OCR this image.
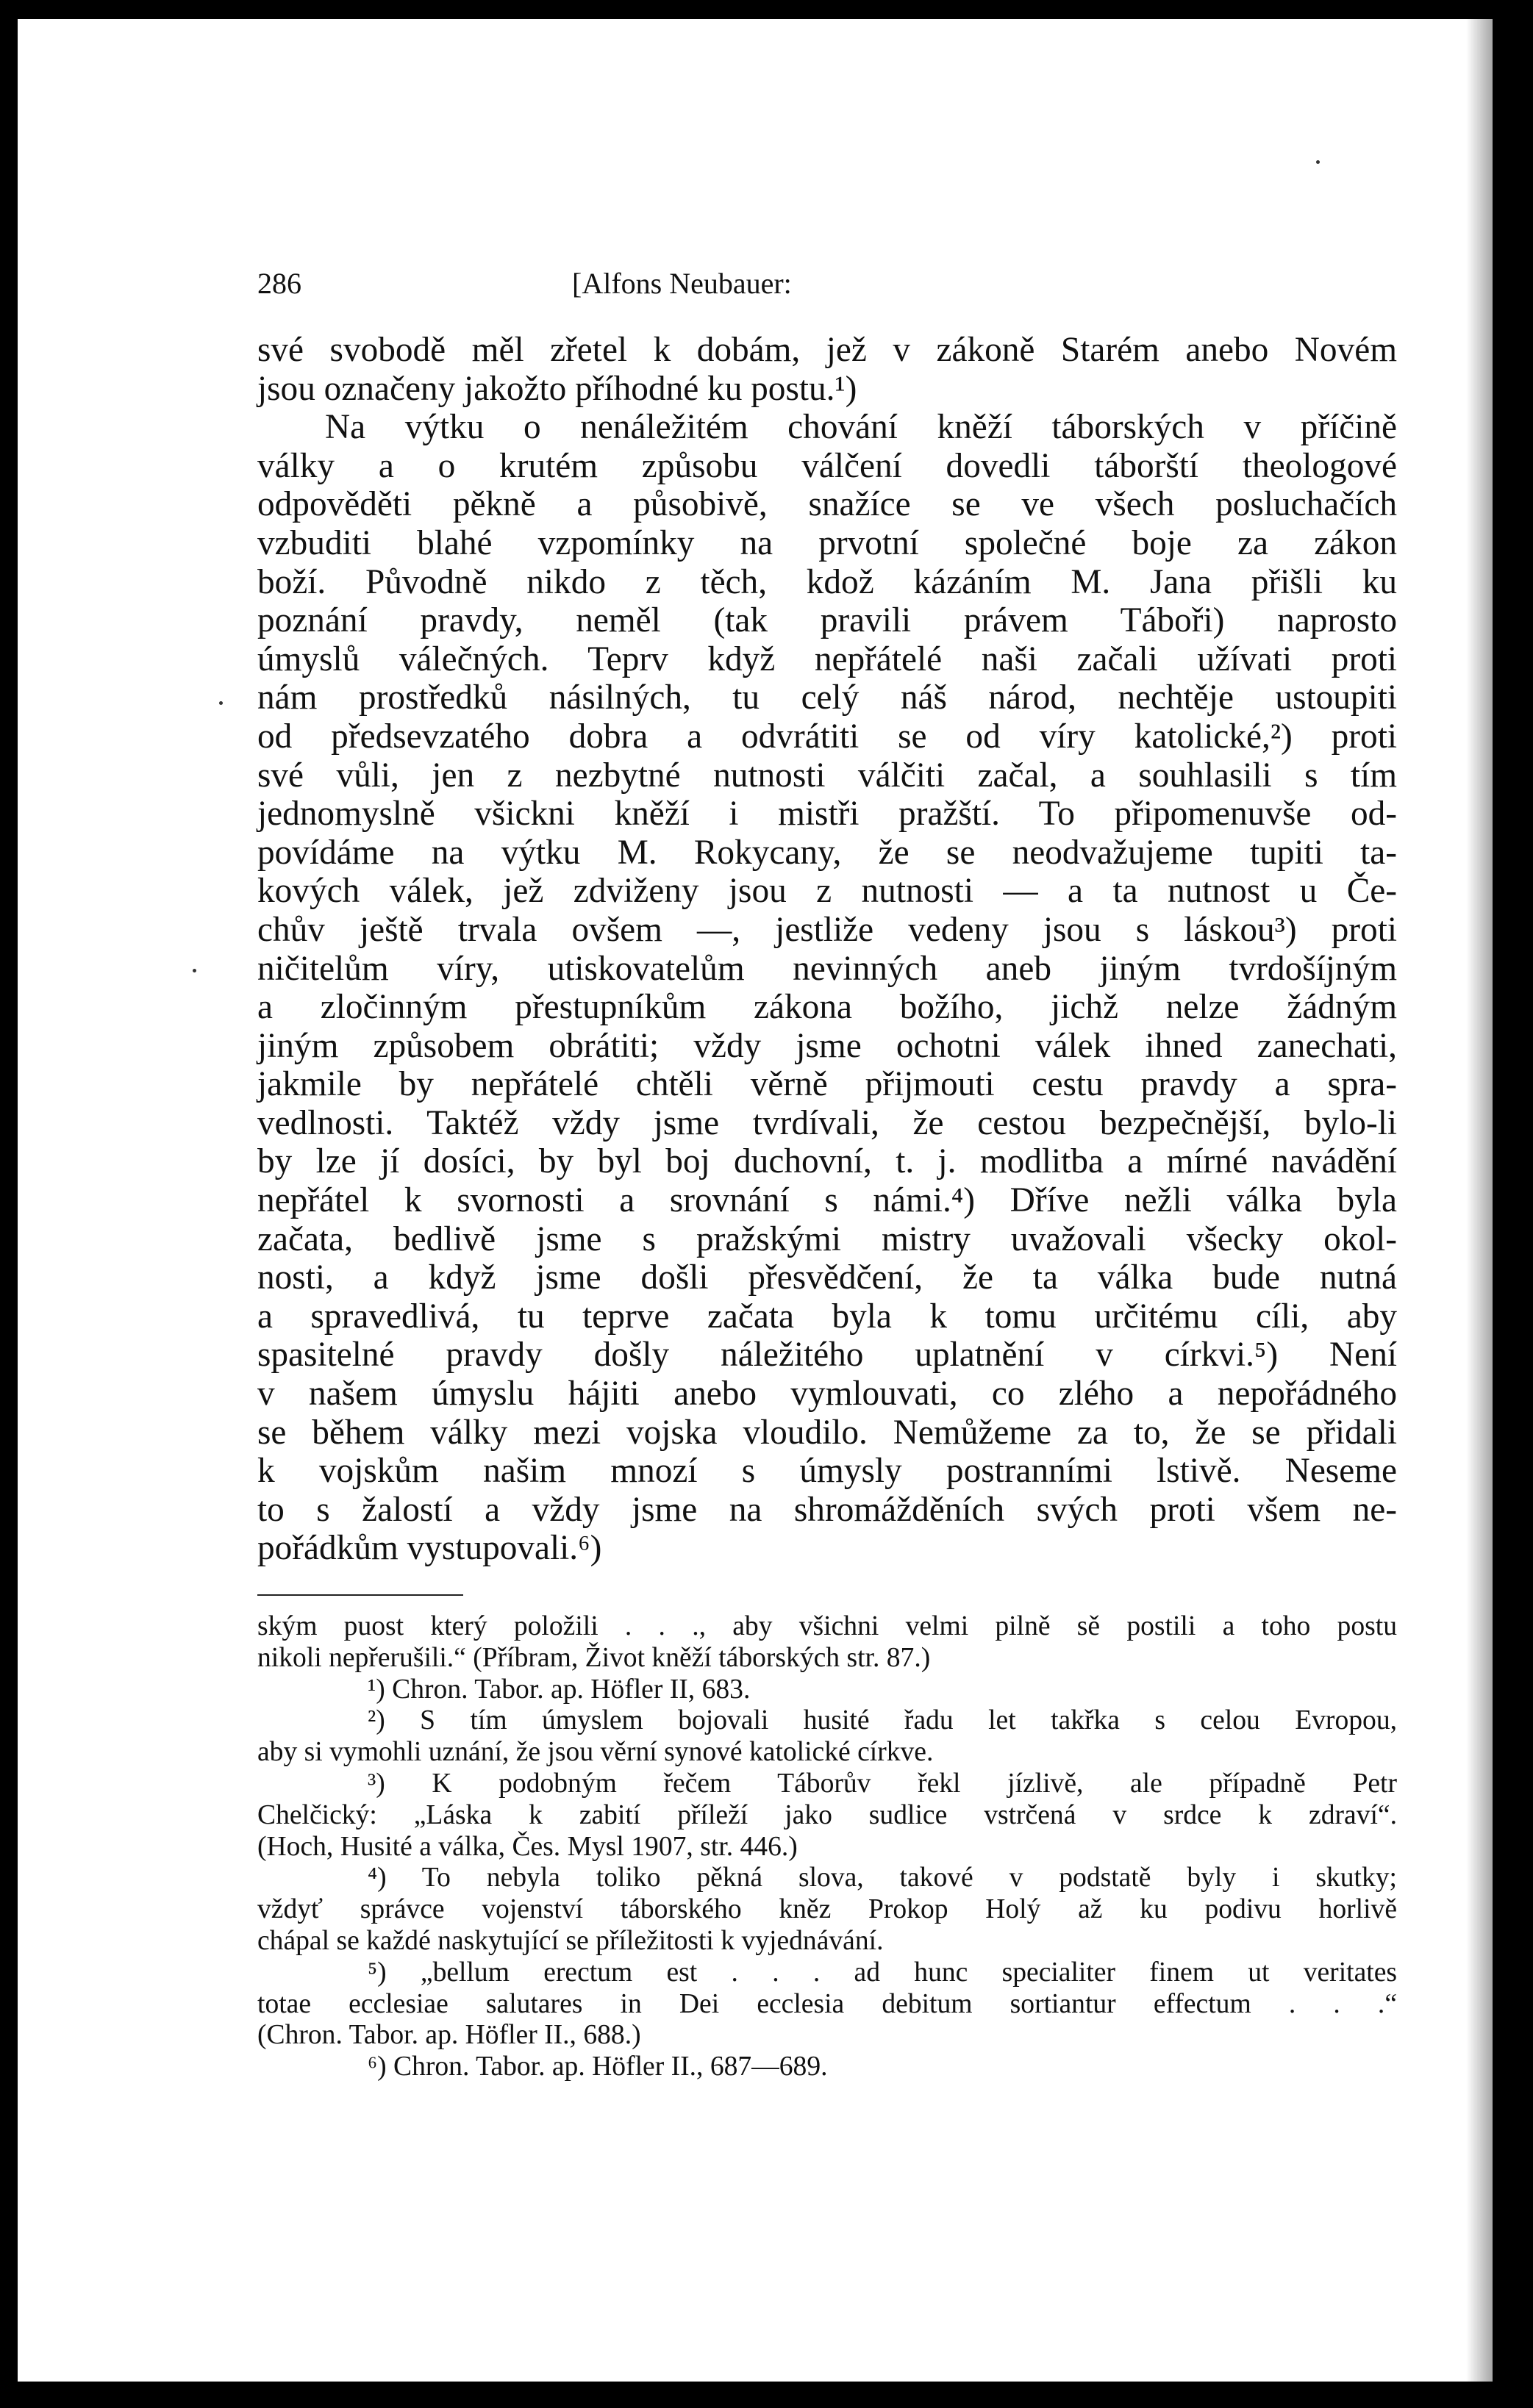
286	[Alfons Neubauer:
své svobodě měl zřetel k dobám, jež v zákoně Starém anebo Novém
jsou označeny jakožto příhodné ku postu.¹)
Na výtku o nenáležitém chování kněží táborských v příčině
války a o krutém způsobu válčení dovedli táborští theologové
odpověděti pěkně a působivě, snažíce se ve všech posluchačích
vzbuditi blahé vzpomínky na prvotní společné boje za zákon
boží. Původně nikdo z těch, kdož kázáním M. Jana přišli ku
poznání pravdy, neměl (tak pravili právem Táboři) naprosto
úmyslů válečných. Teprv když nepřátelé naši začali užívati proti
nám prostředků násilných, tu celý náš národ, nechtěje ustoupiti
od předsevzatého dobra a odvrátiti se od víry katolické,²) proti
své vůli, jen z nezbytné nutnosti válčiti začal, a souhlasili s tím
jednomyslně všickni kněží i mistři pražští. To připomenuvše od-
povídáme na výtku M. Rokycany, že se neodvažujeme tupiti ta-
kových válek, jež zdviženy jsou z nutnosti — a ta nutnost u Če-
chův ještě trvala ovšem —, jestliže vedeny jsou s láskou³) proti
ničitelům víry, utiskovatelům nevinných aneb jiným tvrdošíjným
a zločinným přestupníkům zákona božího, jichž nelze žádným
jiným způsobem obrátiti; vždy jsme ochotni válek ihned zanechati,
jakmile by nepřátelé chtěli věrně přijmouti cestu pravdy a spra-
vedlnosti. Taktéž vždy jsme tvrdívali, že cestou bezpečnější, bylo-li
by lze jí dosíci, by byl boj duchovní, t. j. modlitba a mírné navádění
nepřátel k svornosti a srovnání s námi.⁴) Dříve nežli válka byla
začata, bedlivě jsme s pražskými mistry uvažovali všecky okol-
nosti, a když jsme došli přesvědčení, že ta válka bude nutná
a spravedlivá, tu teprve začata byla k tomu určitému cíli, aby
spasitelné pravdy došly náležitého uplatnění v církvi.⁵) Není
v našem úmyslu hájiti anebo vymlouvati, co zlého a nepořádného
se během války mezi vojska vloudilo. Nemůžeme za to, že se přidali
k vojskům našim mnozí s úmysly postranními lstivě. Neseme
to s žalostí a vždy jsme na shromážděních svých proti všem ne-
pořádkům vystupovali.⁶)
ským puost který položili . . ., aby všichni velmi pilně sě postili a toho postu
nikoli nepřerušili.“ (Příbram, Život kněží táborských str. 87.)
¹) Chron. Tabor. ap. Höfler II, 683.
²) S tím úmyslem bojovali husité řadu let takřka s celou Evropou,
aby si vymohli uznání, že jsou věrní synové katolické církve.
³) K podobným řečem Táborův řekl jízlivě, ale případně Petr
Chelčický: „Láska k zabití příleží jako sudlice vstrčená v srdce k zdraví“.
(Hoch, Husité a válka, Čes. Mysl 1907, str. 446.)
⁴) To nebyla toliko pěkná slova, takové v podstatě byly i skutky;
vždyť správce vojenství táborského kněz Prokop Holý až ku podivu horlivě
chápal se každé naskytující se příležitosti k vyjednávání.
⁵) „bellum erectum est . . . ad hunc specialiter finem ut veritates
totae ecclesiae salutares in Dei ecclesia debitum sortiantur effectum . . .“
(Chron. Tabor. ap. Höfler II., 688.)
⁶) Chron. Tabor. ap. Höfler II., 687—689.
